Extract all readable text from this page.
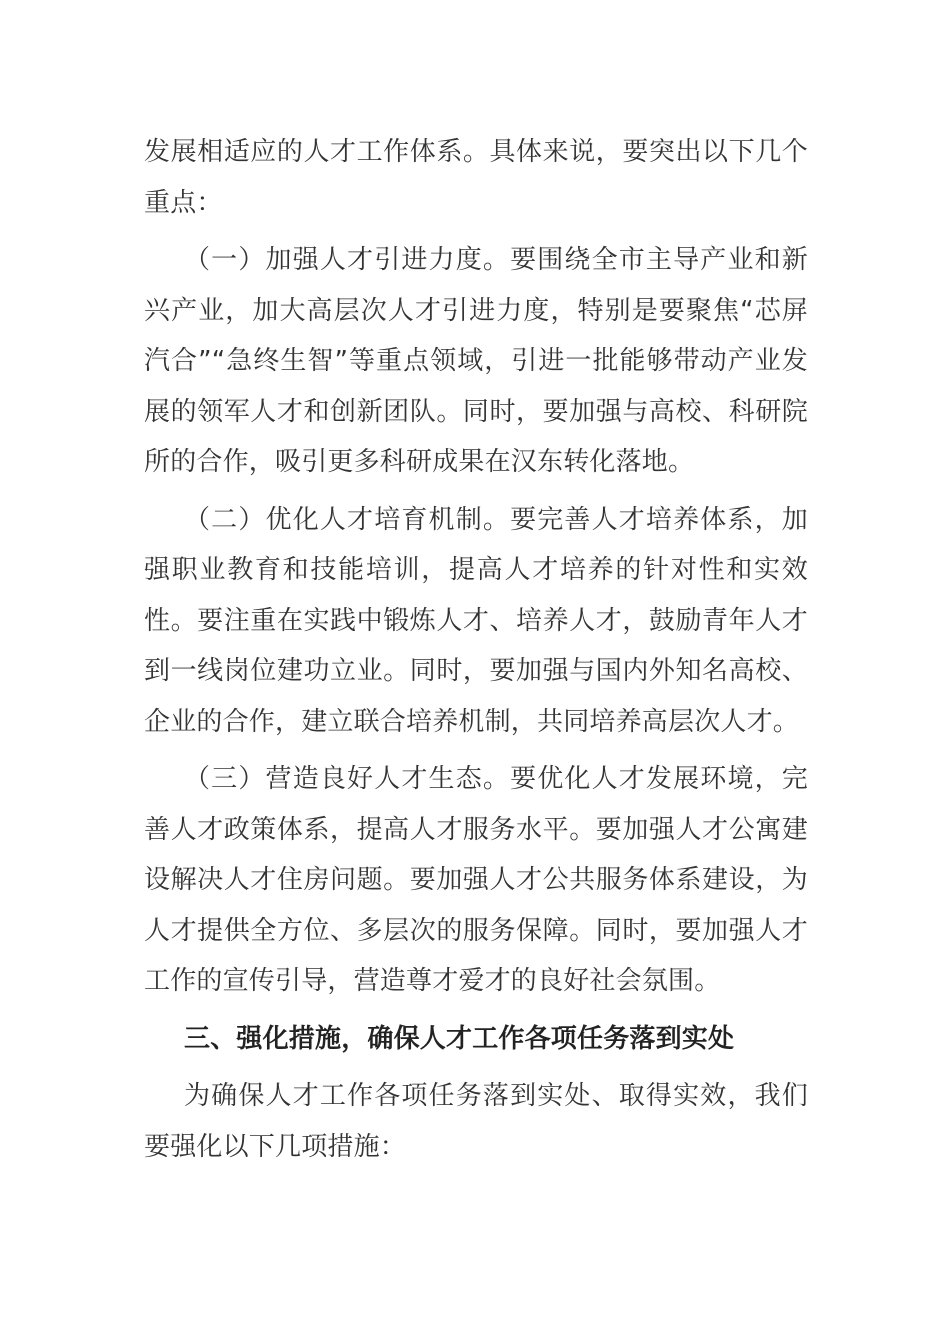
发展相适应的人才工作体系。具体来说，要突出以下几个重点：

（一）加强人才引进力度。要围绕全市主导产业和新兴产业，加大高层次人才引进力度，特别是要聚焦“芯屏汽合”“急终生智”等重点领域，引进一批能够带动产业发展的领军人才和创新团队。同时，要加强与高校、科研院所的合作，吸引更多科研成果在汉东转化落地。

（二）优化人才培育机制。要完善人才培养体系，加强职业教育和技能培训，提高人才培养的针对性和实效性。要注重在实践中锻炼人才、培养人才，鼓励青年人才到一线岗位建功立业。同时，要加强与国内外知名高校、企业的合作，建立联合培养机制，共同培养高层次人才。

（三）营造良好人才生态。要优化人才发展环境，完善人才政策体系，提高人才服务水平。要加强人才公寓建设解决人才住房问题。要加强人才公共服务体系建设，为人才提供全方位、多层次的服务保障。同时，要加强人才工作的宣传引导，营造尊才爱才的良好社会氛围。

三、强化措施，确保人才工作各项任务落到实处

为确保人才工作各项任务落到实处、取得实效，我们要强化以下几项措施：
